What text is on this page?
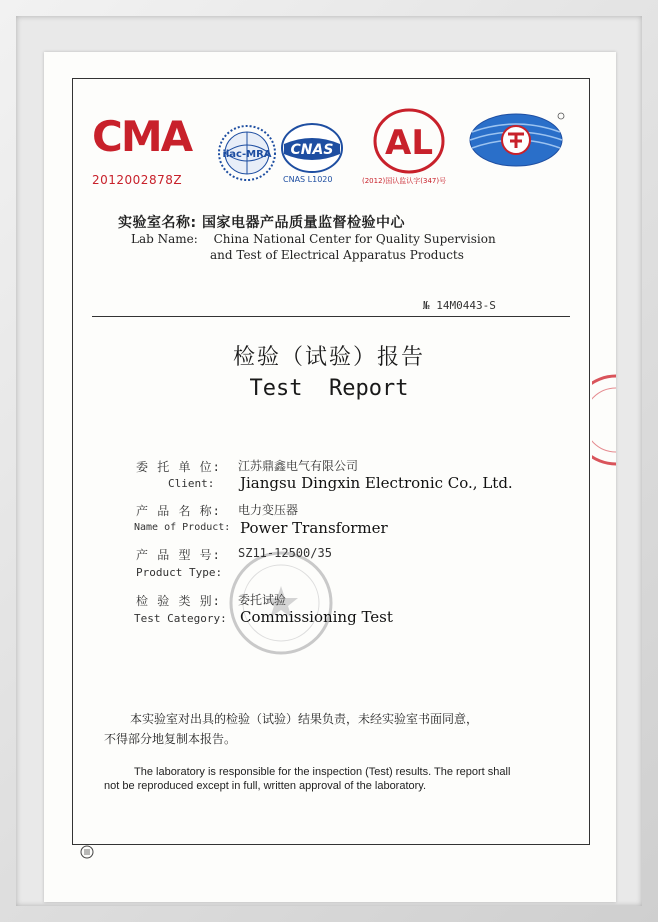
CMA
2012002878Z
ilac-MRA CNAS
CNAS L1020
AL
(2012)国认监认字(347)号
实验室名称: 国家电器产品质量监督检验中心
Lab Name: China National Center for Quality Supervision
and Test of Electrical Apparatus Products
№ 14M0443-S
检验（试验）报告
Test  Report
委 托 单 位: 江苏鼎鑫电气有限公司
Client: Jiangsu Dingxin Electronic Co., Ltd.
产 品 名 称: 电力变压器
Name of Product: Power Transformer
产 品 型 号: SZ11-12500/35
Product Type:
检 验 类 别: 委托试验
Test Category: Commissioning Test
本实验室对出具的检验（试验）结果负责，未经实验室书面同意，
不得部分地复制本报告。
The laboratory is responsible for the inspection (Test) results. The report shall
not be reproduced except in full, written approval of the laboratory.
